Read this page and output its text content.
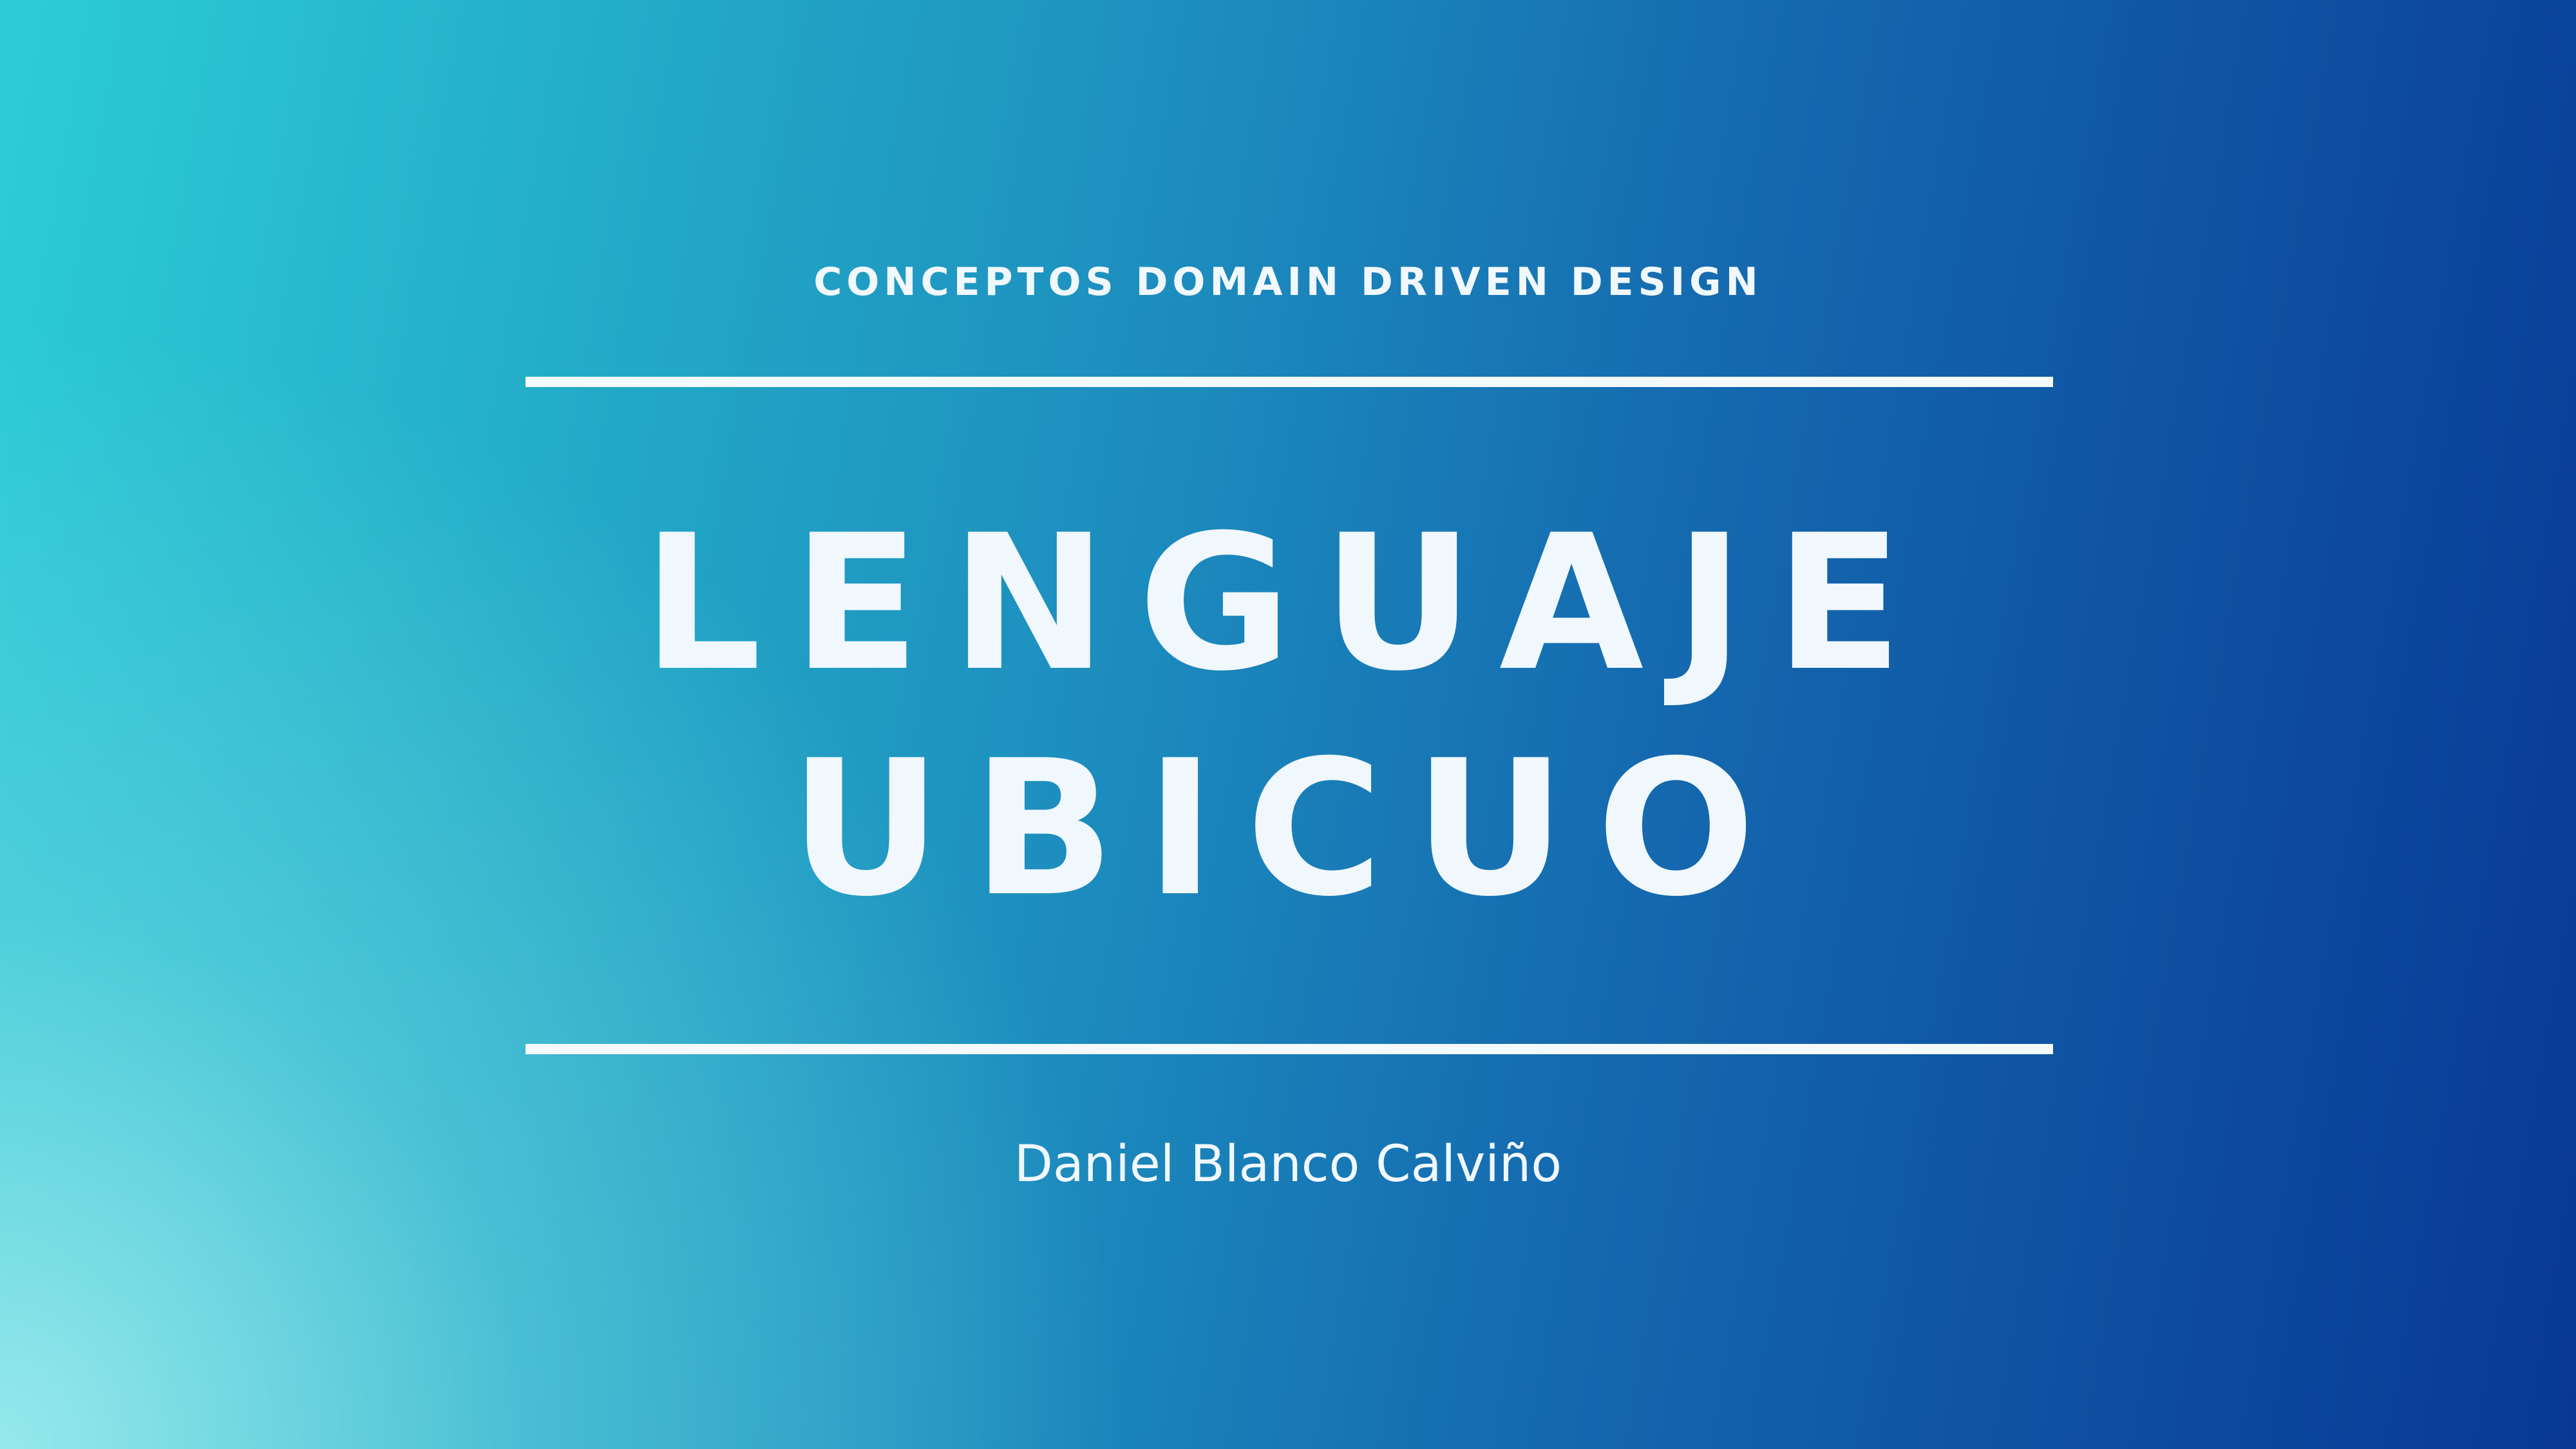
CONCEPTOS DOMAIN DRIVEN DESIGN
LENGUAJE
UBICUO
Daniel Blanco Calviño
